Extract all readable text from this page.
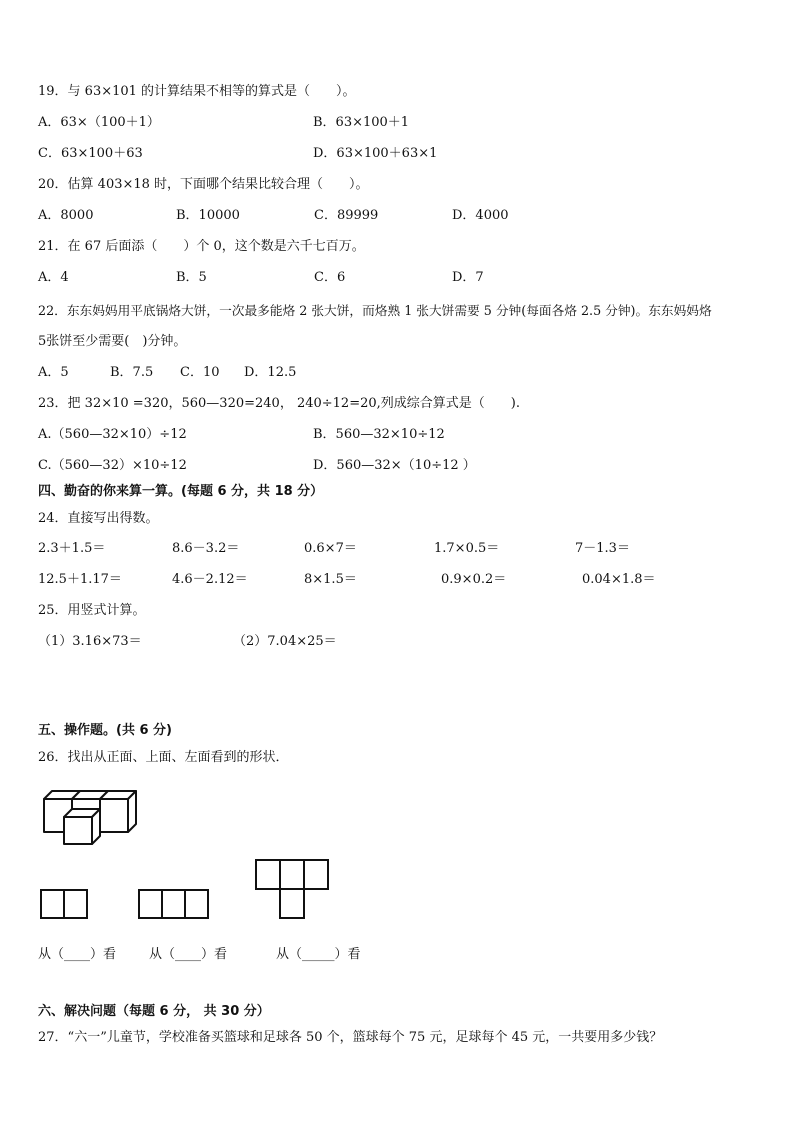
19．与 63×101 的计算结果不相等的算式是（　　）。
A．63×（100＋1）	B．63×100＋1
C．63×100＋63	D．63×100＋63×1
20．估算 403×18 时，下面哪个结果比较合理（　　）。
A．8000	B．10000	C．89999	D．4000
21．在 67 后面添（　　）个 0，这个数是六千七百万。
A．4	B．5	C．6	D．7
22．东东妈妈用平底锅烙大饼，一次最多能烙 2 张大饼，而烙熟 1 张大饼需要 5 分钟(每面各烙 2.5 分钟)。东东妈妈烙
5张饼至少需要(　)分钟。
A．5	B．7.5 C．10 D．12.5
23．把 32×10 =320，560—320=240， 240÷12=20,列成综合算式是（　　).
A.（560—32×10）÷12	B．560—32×10÷12
C.（560—32）×10÷12	D．560—32×（10÷12 ）
四、勤奋的你来算一算。(每题 6 分，共 18 分）
24．直接写出得数。
2.3＋1.5＝	8.6－3.2＝	0.6×7＝	1.7×0.5＝	7－1.3＝
12.5＋1.17＝	4.6－2.12＝	8×1.5＝	0.9×0.2＝	0.04×1.8＝
25．用竖式计算。
（1）3.16×73＝	（2）7.04×25＝
五、操作题。(共 6 分)
26．找出从正面、上面、左面看到的形状．
从（____）看	从（____）看	从（_____）看
六、解决问题（每题 6 分， 共 30 分）
27．“六一”儿童节，学校准备买篮球和足球各 50 个，篮球每个 75 元，足球每个 45 元，一共要用多少钱？
